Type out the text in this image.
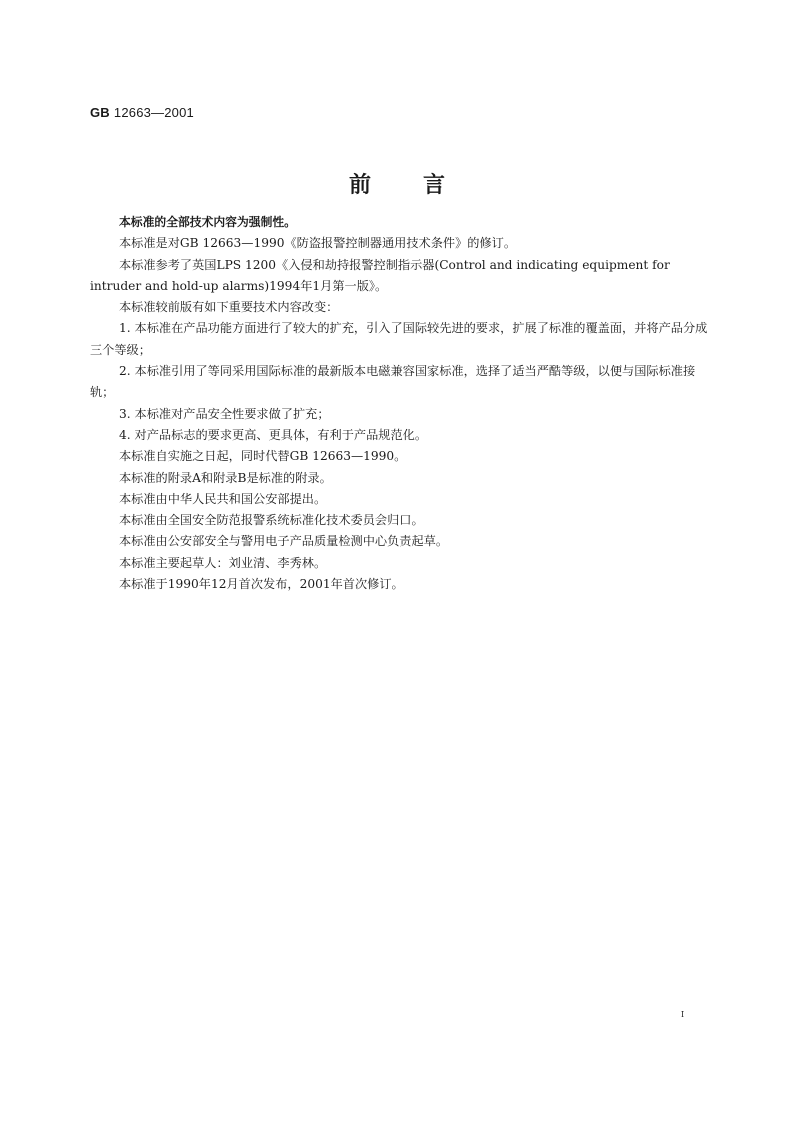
GB 12663—2001
前言

本标准的全部技术内容为强制性。

本标准是对GB 12663—1990《防盗报警控制器通用技术条件》的修订。

本标准参考了英国LPS 1200《入侵和劫持报警控制指示器(Control and indicating equipment for intruder and hold-up alarms)1994年1月第一版》。

本标准较前版有如下重要技术内容改变：

1. 本标准在产品功能方面进行了较大的扩充，引入了国际较先进的要求，扩展了标准的覆盖面，并将产品分成三个等级；

2. 本标准引用了等同采用国际标准的最新版本电磁兼容国家标准，选择了适当严酷等级，以便与国际标准接轨；

3. 本标准对产品安全性要求做了扩充；

4. 对产品标志的要求更高、更具体，有利于产品规范化。

本标准自实施之日起，同时代替GB 12663—1990。

本标准的附录A和附录B是标准的附录。

本标准由中华人民共和国公安部提出。

本标准由全国安全防范报警系统标准化技术委员会归口。

本标准由公安部安全与警用电子产品质量检测中心负责起草。

本标准主要起草人：刘业清、李秀林。

本标准于1990年12月首次发布，2001年首次修订。

I
